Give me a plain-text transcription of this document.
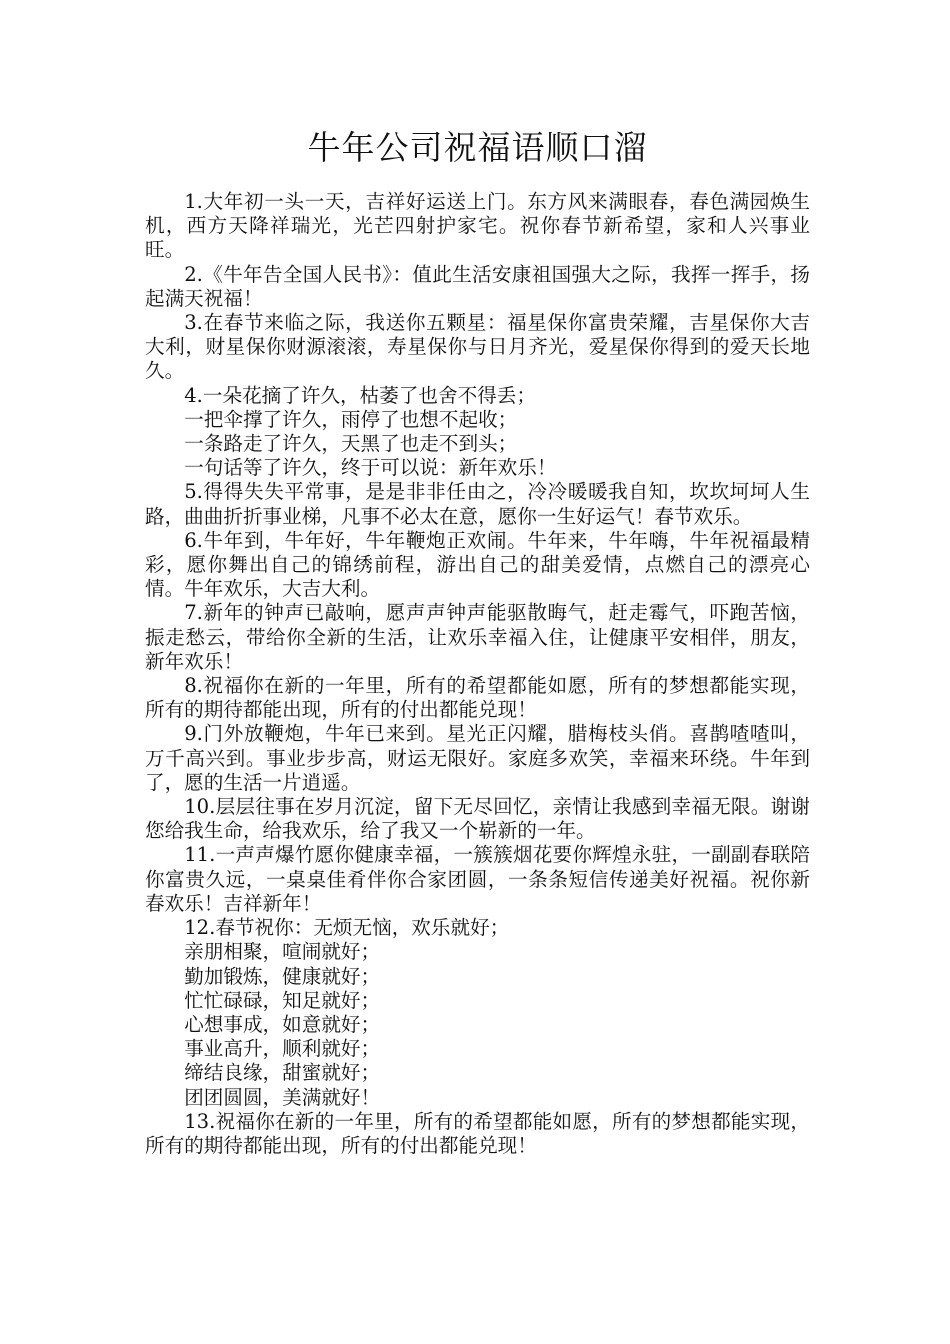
牛年公司祝福语顺口溜

1.大年初一头一天，吉祥好运送上门。东方风来满眼春，春色满园焕生机，西方天降祥瑞光，光芒四射护家宅。祝你春节新希望，家和人兴事业旺。

2.《牛年告全国人民书》：值此生活安康祖国强大之际，我挥一挥手，扬起满天祝福！

3.在春节来临之际，我送你五颗星：福星保你富贵荣耀，吉星保你大吉大利，财星保你财源滚滚，寿星保你与日月齐光，爱星保你得到的爱天长地久。

4.一朵花摘了许久，枯萎了也舍不得丢；

一把伞撑了许久，雨停了也想不起收；

一条路走了许久，天黑了也走不到头；

一句话等了许久，终于可以说：新年欢乐！

5.得得失失平常事，是是非非任由之，冷冷暖暖我自知，坎坎坷坷人生路，曲曲折折事业梯，凡事不必太在意，愿你一生好运气！春节欢乐。

6.牛年到，牛年好，牛年鞭炮正欢闹。牛年来，牛年嗨，牛年祝福最精彩，愿你舞出自己的锦绣前程，游出自己的甜美爱情，点燃自己的漂亮心情。牛年欢乐，大吉大利。

7.新年的钟声已敲响，愿声声钟声能驱散晦气，赶走霉气，吓跑苦恼，振走愁云，带给你全新的生活，让欢乐幸福入住，让健康平安相伴，朋友，新年欢乐！

8.祝福你在新的一年里，所有的希望都能如愿，所有的梦想都能实现，所有的期待都能出现，所有的付出都能兑现！

9.门外放鞭炮，牛年已来到。星光正闪耀，腊梅枝头俏。喜鹊喳喳叫，万千高兴到。事业步步高，财运无限好。家庭多欢笑，幸福来环绕。牛年到了，愿的生活一片逍遥。

10.层层往事在岁月沉淀，留下无尽回忆，亲情让我感到幸福无限。谢谢您给我生命，给我欢乐，给了我又一个崭新的一年。

11.一声声爆竹愿你健康幸福，一簇簇烟花要你辉煌永驻，一副副春联陪你富贵久远，一桌桌佳肴伴你合家团圆，一条条短信传递美好祝福。祝你新春欢乐！吉祥新年！

12.春节祝你：无烦无恼，欢乐就好；

亲朋相聚，喧闹就好；

勤加锻炼，健康就好；

忙忙碌碌，知足就好；

心想事成，如意就好；

事业高升，顺利就好；

缔结良缘，甜蜜就好；

团团圆圆，美满就好！

13.祝福你在新的一年里，所有的希望都能如愿，所有的梦想都能实现，所有的期待都能出现，所有的付出都能兑现！
